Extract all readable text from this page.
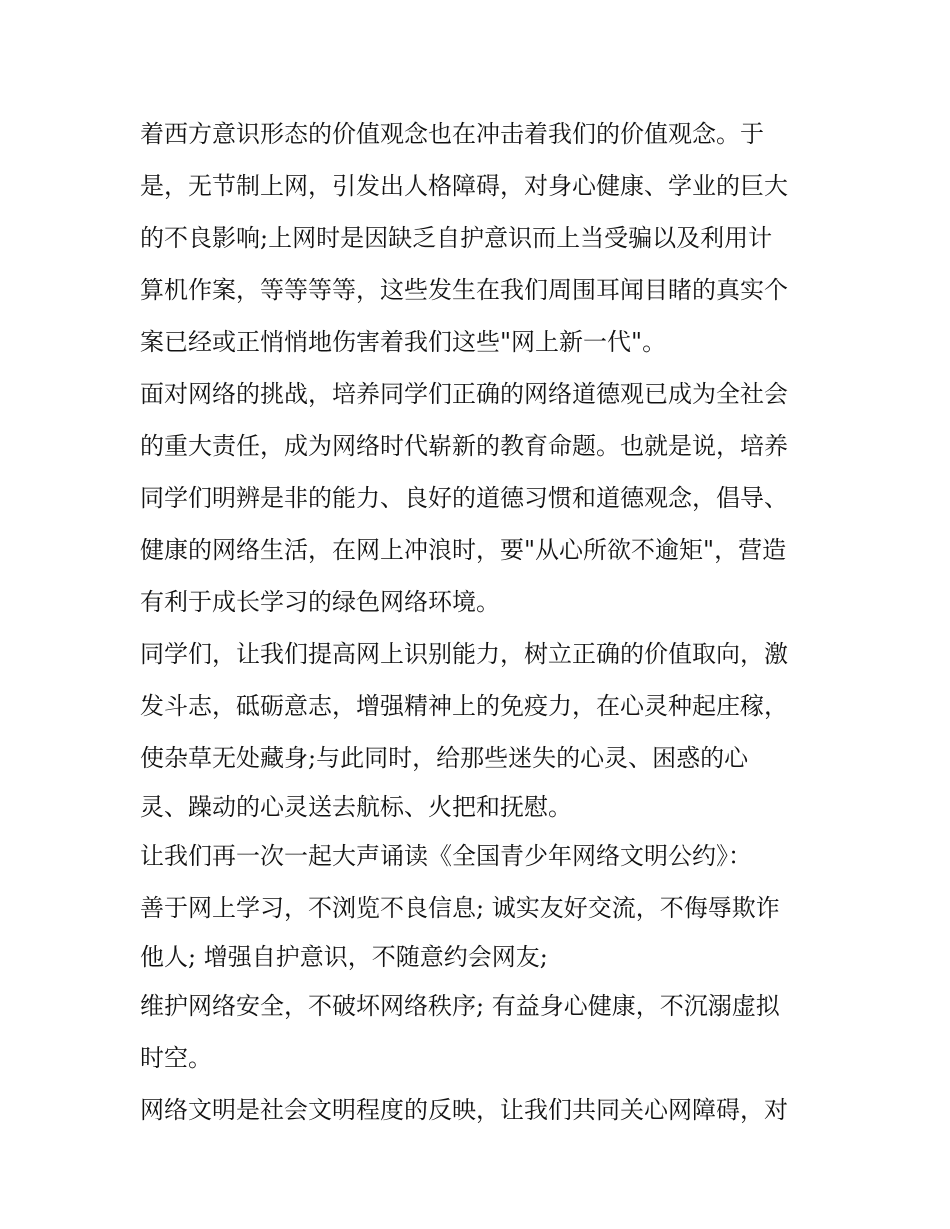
着西方意识形态的价值观念也在冲击着我们的价值观念。于
是，无节制上网，引发出人格障碍，对身心健康、学业的巨大
的不良影响;上网时是因缺乏自护意识而上当受骗以及利用计
算机作案，等等等等，这些发生在我们周围耳闻目睹的真实个
案已经或正悄悄地伤害着我们这些"网上新一代"。
面对网络的挑战，培养同学们正确的网络道德观已成为全社会
的重大责任，成为网络时代崭新的教育命题。也就是说，培养
同学们明辨是非的能力、良好的道德习惯和道德观念，倡导、
健康的网络生活，在网上冲浪时，要"从心所欲不逾矩"，营造
有利于成长学习的绿色网络环境。
同学们，让我们提高网上识别能力，树立正确的价值取向，激
发斗志，砥砺意志，增强精神上的免疫力，在心灵种起庄稼，
使杂草无处藏身;与此同时，给那些迷失的心灵、困惑的心
灵、躁动的心灵送去航标、火把和抚慰。
让我们再一次一起大声诵读《全国青少年网络文明公约》：
善于网上学习，不浏览不良信息; 诚实友好交流，不侮辱欺诈
他人; 增强自护意识，不随意约会网友;
维护网络安全，不破坏网络秩序; 有益身心健康，不沉溺虚拟
时空。
网络文明是社会文明程度的反映，让我们共同关心网障碍，对
